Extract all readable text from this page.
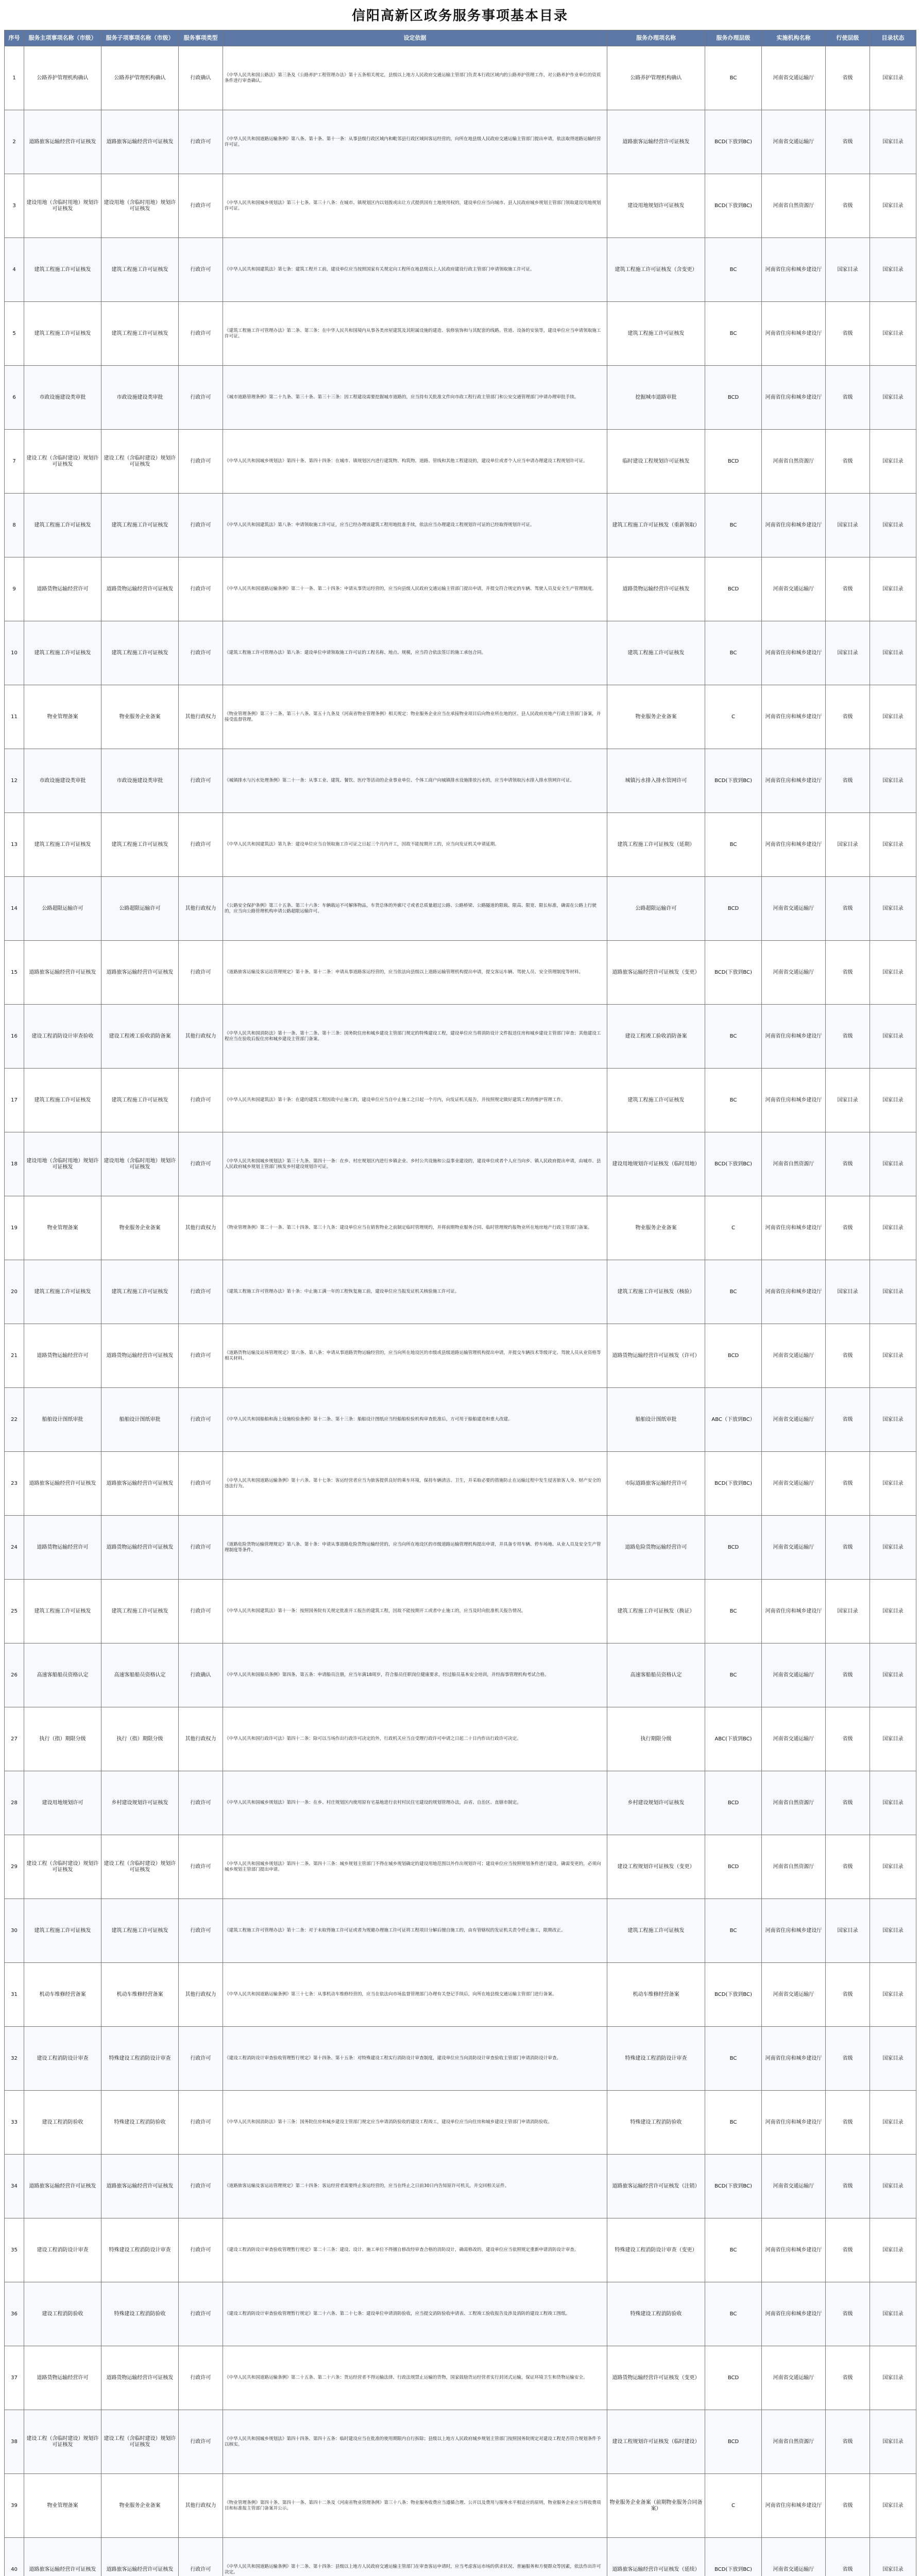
信阳高新区政务服务事项基本目录
序号	服务主项事项名称（市级）	服务子项事项名称（市级）	服务事项类型	设定依据	服务办理项名称	服务办理层级	实施机构名称	行使层级	目录状态
1	公路养护管理机构确认	公路养护管理机构确认	行政确认	《中华人民共和国公路法》第三条及《公路养护工程管理办法》第十五条相关规定，县级以上地方人民政府交通运输主管部门负责本行政区域内的公路养护管理工作，对公路养护作业单位的资质条件进行审查确认。	公路养护管理机构确认	BC	河南省交通运输厅	省级	国家目录
2	道路旅客运输经营许可证核发	道路旅客运输经营许可证核发	行政许可	《中华人民共和国道路运输条例》第八条、第十条、第十一条：从事县级行政区域内和毗邻县行政区域间客运经营的，向所在地县级人民政府交通运输主管部门提出申请，依法取得道路运输经营许可证。	道路旅客运输经营许可证核发	BCD(下放到BC)	河南省交通运输厅	省级	国家目录
3	建设用地（含临时用地）规划许可证核发	建设用地（含临时用地）规划许可证核发	行政许可	《中华人民共和国城乡规划法》第三十七条、第三十八条：在城市、镇规划区内以划拨或出让方式提供国有土地使用权的，建设单位应当向城市、县人民政府城乡规划主管部门领取建设用地规划许可证。	建设用地规划许可证核发	BCD(下放到BC)	河南省自然资源厅	省级	国家目录
4	建筑工程施工许可证核发	建筑工程施工许可证核发	行政许可	《中华人民共和国建筑法》第七条：建筑工程开工前，建设单位应当按照国家有关规定向工程所在地县级以上人民政府建设行政主管部门申请领取施工许可证。	建筑工程施工许可证核发（含变更）	BC	河南省住房和城乡建设厅	国家目录	国家目录
5	建筑工程施工许可证核发	建筑工程施工许可证核发	行政许可	《建筑工程施工许可管理办法》第二条、第三条：在中华人民共和国境内从事各类房屋建筑及其附属设施的建造、装修装饰和与其配套的线路、管道、设备的安装等，建设单位应当申请领取施工许可证。	建筑工程施工许可证核发	BC	河南省住房和城乡建设厅	省级	国家目录
6	市政设施建设类审批	市政设施建设类审批	行政许可	《城市道路管理条例》第二十九条、第三十条、第三十三条：因工程建设需要挖掘城市道路的，应当持有关批准文件向市政工程行政主管部门和公安交通管理部门申请办理审批手续。	挖掘城市道路审批	BCD	河南省住房和城乡建设厅	省级	国家目录
7	建设工程（含临时建设）规划许可证核发	建设工程（含临时建设）规划许可证核发	行政许可	《中华人民共和国城乡规划法》第四十条、第四十四条：在城市、镇规划区内进行建筑物、构筑物、道路、管线和其他工程建设的，建设单位或者个人应当申请办理建设工程规划许可证。	临时建设工程规划许可证核发	BCD	河南省自然资源厅	省级	国家目录
8	建筑工程施工许可证核发	建筑工程施工许可证核发	行政许可	《中华人民共和国建筑法》第八条：申请领取施工许可证，应当已经办理该建筑工程用地批准手续，依法应当办理建设工程规划许可证的已经取得规划许可证。	建筑工程施工许可证核发（重新领取）	BC	河南省住房和城乡建设厅	国家目录	国家目录
9	道路货物运输经营许可	道路货物运输经营许可证核发	行政许可	《中华人民共和国道路运输条例》第二十一条、第二十四条：申请从事货运经营的，应当向县级人民政府交通运输主管部门提出申请，并提交符合规定的车辆、驾驶人员及安全生产管理制度。	道路货物运输经营许可证核发	BCD	河南省交通运输厅	省级	国家目录
10	建筑工程施工许可证核发	建筑工程施工许可证核发	行政许可	《建筑工程施工许可管理办法》第八条：建设单位申请领取施工许可证的工程名称、地点、规模，应当符合依法签订的施工承包合同。	建筑工程施工许可证核发	BC	河南省住房和城乡建设厅	国家目录	国家目录
11	物业管理备案	物业服务企业备案	其他行政权力	《物业管理条例》第三十二条、第三十八条、第五十九条及《河南省物业管理条例》相关规定：物业服务企业应当在承接物业项目后向物业所在地的区、县人民政府房地产行政主管部门备案，并接受监督管理。	物业服务企业备案	C	河南省住房和城乡建设厅	省级	国家目录
12	市政设施建设类审批	市政设施建设类审批	行政许可	《城镇排水与污水处理条例》第二十一条：从事工业、建筑、餐饮、医疗等活动的企业事业单位、个体工商户向城镇排水设施排放污水的，应当申请领取污水排入排水管网许可证。	城镇污水排入排水管网许可	BCD(下放到BC)	河南省住房和城乡建设厅	省级	国家目录
13	建筑工程施工许可证核发	建筑工程施工许可证核发	行政许可	《中华人民共和国建筑法》第九条：建设单位应当自领取施工许可证之日起三个月内开工，因故不能按期开工的，应当向发证机关申请延期。	建筑工程施工许可证核发（延期）	BC	河南省住房和城乡建设厅	国家目录	国家目录
14	公路超限运输许可	公路超限运输许可	其他行政权力	《公路安全保护条例》第三十五条、第三十六条：车辆载运不可解体物品，车货总体的外廓尺寸或者总质量超过公路、公路桥梁、公路隧道的限载、限高、限宽、限长标准，确需在公路上行驶的，应当向公路管理机构申请公路超限运输许可。	公路超限运输许可	BCD	河南省交通运输厅	省级	国家目录
15	道路旅客运输经营许可证核发	道路旅客运输经营许可证核发	行政许可	《道路旅客运输及客运站管理规定》第十条、第十二条：申请从事道路客运经营的，应当依法向县级以上道路运输管理机构提出申请，提交客运车辆、驾驶人员、安全管理制度等材料。	道路旅客运输经营许可证核发（变更）	BCD(下放到BC)	河南省交通运输厅	省级	国家目录
16	建设工程消防设计审查验收	建设工程竣工验收消防备案	其他行政权力	《中华人民共和国消防法》第十一条、第十二条、第十三条：国务院住房和城乡建设主管部门规定的特殊建设工程，建设单位应当将消防设计文件报送住房和城乡建设主管部门审查；其他建设工程应当在验收后报住房和城乡建设主管部门备案。	建设工程竣工验收消防备案	BC	河南省住房和城乡建设厅	省级	国家目录
17	建筑工程施工许可证核发	建筑工程施工许可证核发	行政许可	《中华人民共和国建筑法》第十条：在建的建筑工程因故中止施工的，建设单位应当自中止施工之日起一个月内，向发证机关报告，并按照规定做好建筑工程的维护管理工作。	建筑工程施工许可证核发	BC	河南省住房和城乡建设厅	国家目录	国家目录
18	建设用地（含临时用地）规划许可证核发	建设用地（含临时用地）规划许可证核发	行政许可	《中华人民共和国城乡规划法》第三十九条、第四十一条：在乡、村庄规划区内进行乡镇企业、乡村公共设施和公益事业建设的，建设单位或者个人应当向乡、镇人民政府提出申请，由城市、县人民政府城乡规划主管部门核发乡村建设规划许可证。	建设用地规划许可证核发（临时用地）	BCD(下放到BC)	河南省自然资源厅	省级	国家目录
19	物业管理备案	物业服务企业备案	其他行政权力	《物业管理条例》第二十一条、第三十四条、第三十九条：建设单位应当在销售物业之前制定临时管理规约，并将前期物业服务合同、临时管理规约报物业所在地房地产行政主管部门备案。	物业服务企业备案	C	河南省住房和城乡建设厅	省级	国家目录
20	建筑工程施工许可证核发	建筑工程施工许可证核发	行政许可	《建筑工程施工许可管理办法》第十条：中止施工满一年的工程恢复施工前，建设单位应当报发证机关核验施工许可证。	建筑工程施工许可证核发（核验）	BC	河南省住房和城乡建设厅	国家目录	国家目录
21	道路货物运输经营许可	道路货物运输经营许可证核发	行政许可	《道路货物运输及站场管理规定》第六条、第八条：申请从事道路货物运输经营的，应当向所在地设区的市级或县级道路运输管理机构提出申请，并提交车辆技术等级评定、驾驶人员从业资格等相关材料。	道路货物运输经营许可证核发（许可）	BCD	河南省交通运输厅	省级	国家目录
22	船舶设计图纸审批	船舶设计图纸审批	行政许可	《中华人民共和国船舶和海上设施检验条例》第十二条、第十三条：船舶设计图纸应当经船舶检验机构审查批准后，方可用于船舶建造和重大改建。	船舶设计图纸审批	ABC（下放到BC）	河南省交通运输厅	省级	国家目录
23	道路旅客运输经营许可证核发	道路旅客运输经营许可证核发	行政许可	《中华人民共和国道路运输条例》第十六条、第十七条：客运经营者应当为旅客提供良好的乘车环境，保持车辆清洁、卫生，并采取必要的措施防止在运输过程中发生侵害旅客人身、财产安全的违法行为。	市际道路旅客运输经营许可	BCD(下放到BC)	河南省交通运输厅	省级	国家目录
24	道路货物运输经营许可	道路货物运输经营许可证核发	行政许可	《道路危险货物运输管理规定》第八条、第十条：申请从事道路危险货物运输经营的，应当向所在地设区的市级道路运输管理机构提出申请，并具备专用车辆、停车场地、从业人员及安全生产管理制度等条件。	道路危险货物运输经营许可	BCD	河南省交通运输厅	省级	国家目录
25	建筑工程施工许可证核发	建筑工程施工许可证核发	行政许可	《中华人民共和国建筑法》第十一条：按照国务院有关规定批准开工报告的建筑工程，因故不能按期开工或者中止施工的，应当及时向批准机关报告情况。	建筑工程施工许可证核发（换证）	BC	河南省住房和城乡建设厅	国家目录	国家目录
26	高速客船船员资格认定	高速客船船员资格认定	行政确认	《中华人民共和国船员条例》第四条、第五条：申请船员注册，应当年满18周岁，符合船员任职岗位健康要求，经过船员基本安全培训，并经海事管理机构考试合格。	高速客船船员资格认定	BC	河南省交通运输厅	省级	国家目录
27	执行（指）期限分级	执行（指）期限分级	其他行政权力	《中华人民共和国行政许可法》第四十二条：除可以当场作出行政许可决定的外，行政机关应当自受理行政许可申请之日起二十日内作出行政许可决定。	执行期限分级	ABC(下放到BC)	河南省交通运输厅	省级	国家目录
28	建设用地规划许可	乡村建设规划许可证核发	行政许可	《中华人民共和国城乡规划法》第四十一条：在乡、村庄规划区内使用原有宅基地进行农村村民住宅建设的规划管理办法，由省、自治区、直辖市制定。	乡村建设规划许可证核发	BCD	河南省自然资源厅	省级	国家目录
29	建设工程（含临时建设）规划许可证核发	建设工程（含临时建设）规划许可证核发	行政许可	《中华人民共和国城乡规划法》第四十二条、第四十三条：城乡规划主管部门不得在城乡规划确定的建设用地范围以外作出规划许可；建设单位应当按照规划条件进行建设，确需变更的，必须向城乡规划主管部门提出申请。	建设工程规划许可证核发（变更）	BCD	河南省自然资源厅	省级	国家目录
30	建筑工程施工许可证核发	建筑工程施工许可证核发	行政许可	《建筑工程施工许可管理办法》第十二条：对于未取得施工许可证或者为规避办理施工许可证将工程项目分解后擅自施工的，由有管辖权的发证机关责令停止施工，限期改正。	建筑工程施工许可证核发	BC	河南省住房和城乡建设厅	国家目录	国家目录
31	机动车维修经营备案	机动车维修经营备案	其他行政权力	《中华人民共和国道路运输条例》第三十七条：从事机动车维修经营的，应当在依法向市场监督管理部门办理有关登记手续后，向所在地县级交通运输主管部门进行备案。	机动车维修经营备案	BCD(下放到BC)	河南省交通运输厅	省级	国家目录
32	建设工程消防设计审查	特殊建设工程消防设计审查	行政许可	《建设工程消防设计审查验收管理暂行规定》第十四条、第十五条：对特殊建设工程实行消防设计审查制度，建设单位应当向消防设计审查验收主管部门申请消防设计审查。	特殊建设工程消防设计审查	BC	河南省住房和城乡建设厅	省级	国家目录
33	建设工程消防验收	特殊建设工程消防验收	行政许可	《中华人民共和国消防法》第十三条：国务院住房和城乡建设主管部门规定应当申请消防验收的建设工程竣工，建设单位应当向住房和城乡建设主管部门申请消防验收。	特殊建设工程消防验收	BC	河南省住房和城乡建设厅	省级	国家目录
34	道路旅客运输经营许可证核发	道路旅客运输经营许可证核发	行政许可	《道路旅客运输及客运站管理规定》第二十四条：客运经营者需要终止客运经营的，应当在终止之日前30日内告知原许可机关，并交回相关证件。	道路旅客运输经营许可证核发（注销）	BCD(下放到BC)	河南省交通运输厅	省级	国家目录
35	建设工程消防设计审查	特殊建设工程消防设计审查	行政许可	《建设工程消防设计审查验收管理暂行规定》第二十三条：建设、设计、施工单位不得擅自修改经审查合格的消防设计，确需修改的，建设单位应当依照规定重新申请消防设计审查。	特殊建设工程消防设计审查（变更）	BC	河南省住房和城乡建设厅	省级	国家目录
36	建设工程消防验收	特殊建设工程消防验收	行政许可	《建设工程消防设计审查验收管理暂行规定》第二十六条、第二十七条：建设单位申请消防验收，应当提交消防验收申请表、工程竣工验收报告及涉及消防的建设工程竣工图纸。	特殊建设工程消防验收	BC	河南省住房和城乡建设厅	省级	国家目录
37	道路货物运输经营许可	道路货物运输经营许可证核发	行政许可	《中华人民共和国道路运输条例》第二十五条、第二十六条：货运经营者不得运输法律、行政法规禁止运输的货物，国家鼓励货运经营者实行封闭式运输，保证环境卫生和货物运输安全。	道路货物运输经营许可证核发（变更）	BCD	河南省交通运输厅	省级	国家目录
38	建设工程（含临时建设）规划许可证核发	建设工程（含临时建设）规划许可证核发	行政许可	《中华人民共和国城乡规划法》第四十四条、第四十五条：临时建设应当在批准的使用期限内自行拆除；县级以上地方人民政府城乡规划主管部门按照国务院规定对建设工程是否符合规划条件予以核实。	建设工程规划许可证核发（临时建设）	BCD	河南省自然资源厅	省级	国家目录
39	物业管理备案	物业服务企业备案	其他行政权力	《物业管理条例》第四十条、第四十一条、第四十二条及《河南省物业管理条例》第三十八条：物业服务收费应当遵循合理、公开以及费用与服务水平相适应的原则，物业服务企业应当将收费项目和标准报主管部门备案并公示。	物业服务企业备案（前期物业服务合同备案）	C	河南省住房和城乡建设厅	省级	国家目录
40	道路旅客运输经营许可证核发	道路旅客运输经营许可证核发	行政许可	《中华人民共和国道路运输条例》第十二条、第十四条：县级以上地方人民政府交通运输主管部门在审查客运申请时，应当考虑客运市场的供求状况、普遍服务和方便群众等因素，依法作出许可决定。	道路旅客运输经营许可证核发（延续）	BCD(下放到BC)	河南省交通运输厅	省级	国家目录
